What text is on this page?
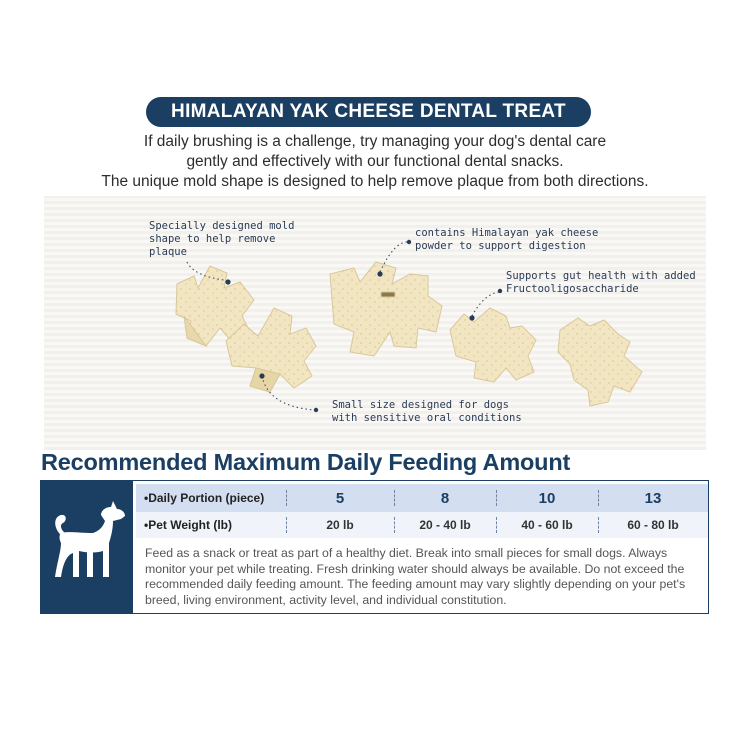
HIMALAYAN YAK CHEESE DENTAL TREAT
If daily brushing is a challenge, try managing your dog's dental care
gently and effectively with our functional dental snacks.
The unique mold shape is designed to help remove plaque from both directions.
Specially designed mold
shape to help remove
plaque
contains Himalayan yak cheese
powder to support digestion
Supports gut health with added
Fructooligosaccharide
Small size designed for dogs
with sensitive oral conditions
Recommended Maximum Daily Feeding Amount
•Daily Portion (piece)	5	8	10	13
•Pet Weight (lb)	20 lb	20 - 40 lb	40 - 60 lb	60 - 80 lb
Feed as a snack or treat as part of a healthy diet. Break into small pieces for small dogs. Always monitor your pet while treating. Fresh drinking water should always be available. Do not exceed the recommended daily feeding amount. The feeding amount may vary slightly depending on your pet's breed, living environment, activity level, and individual constitution.
